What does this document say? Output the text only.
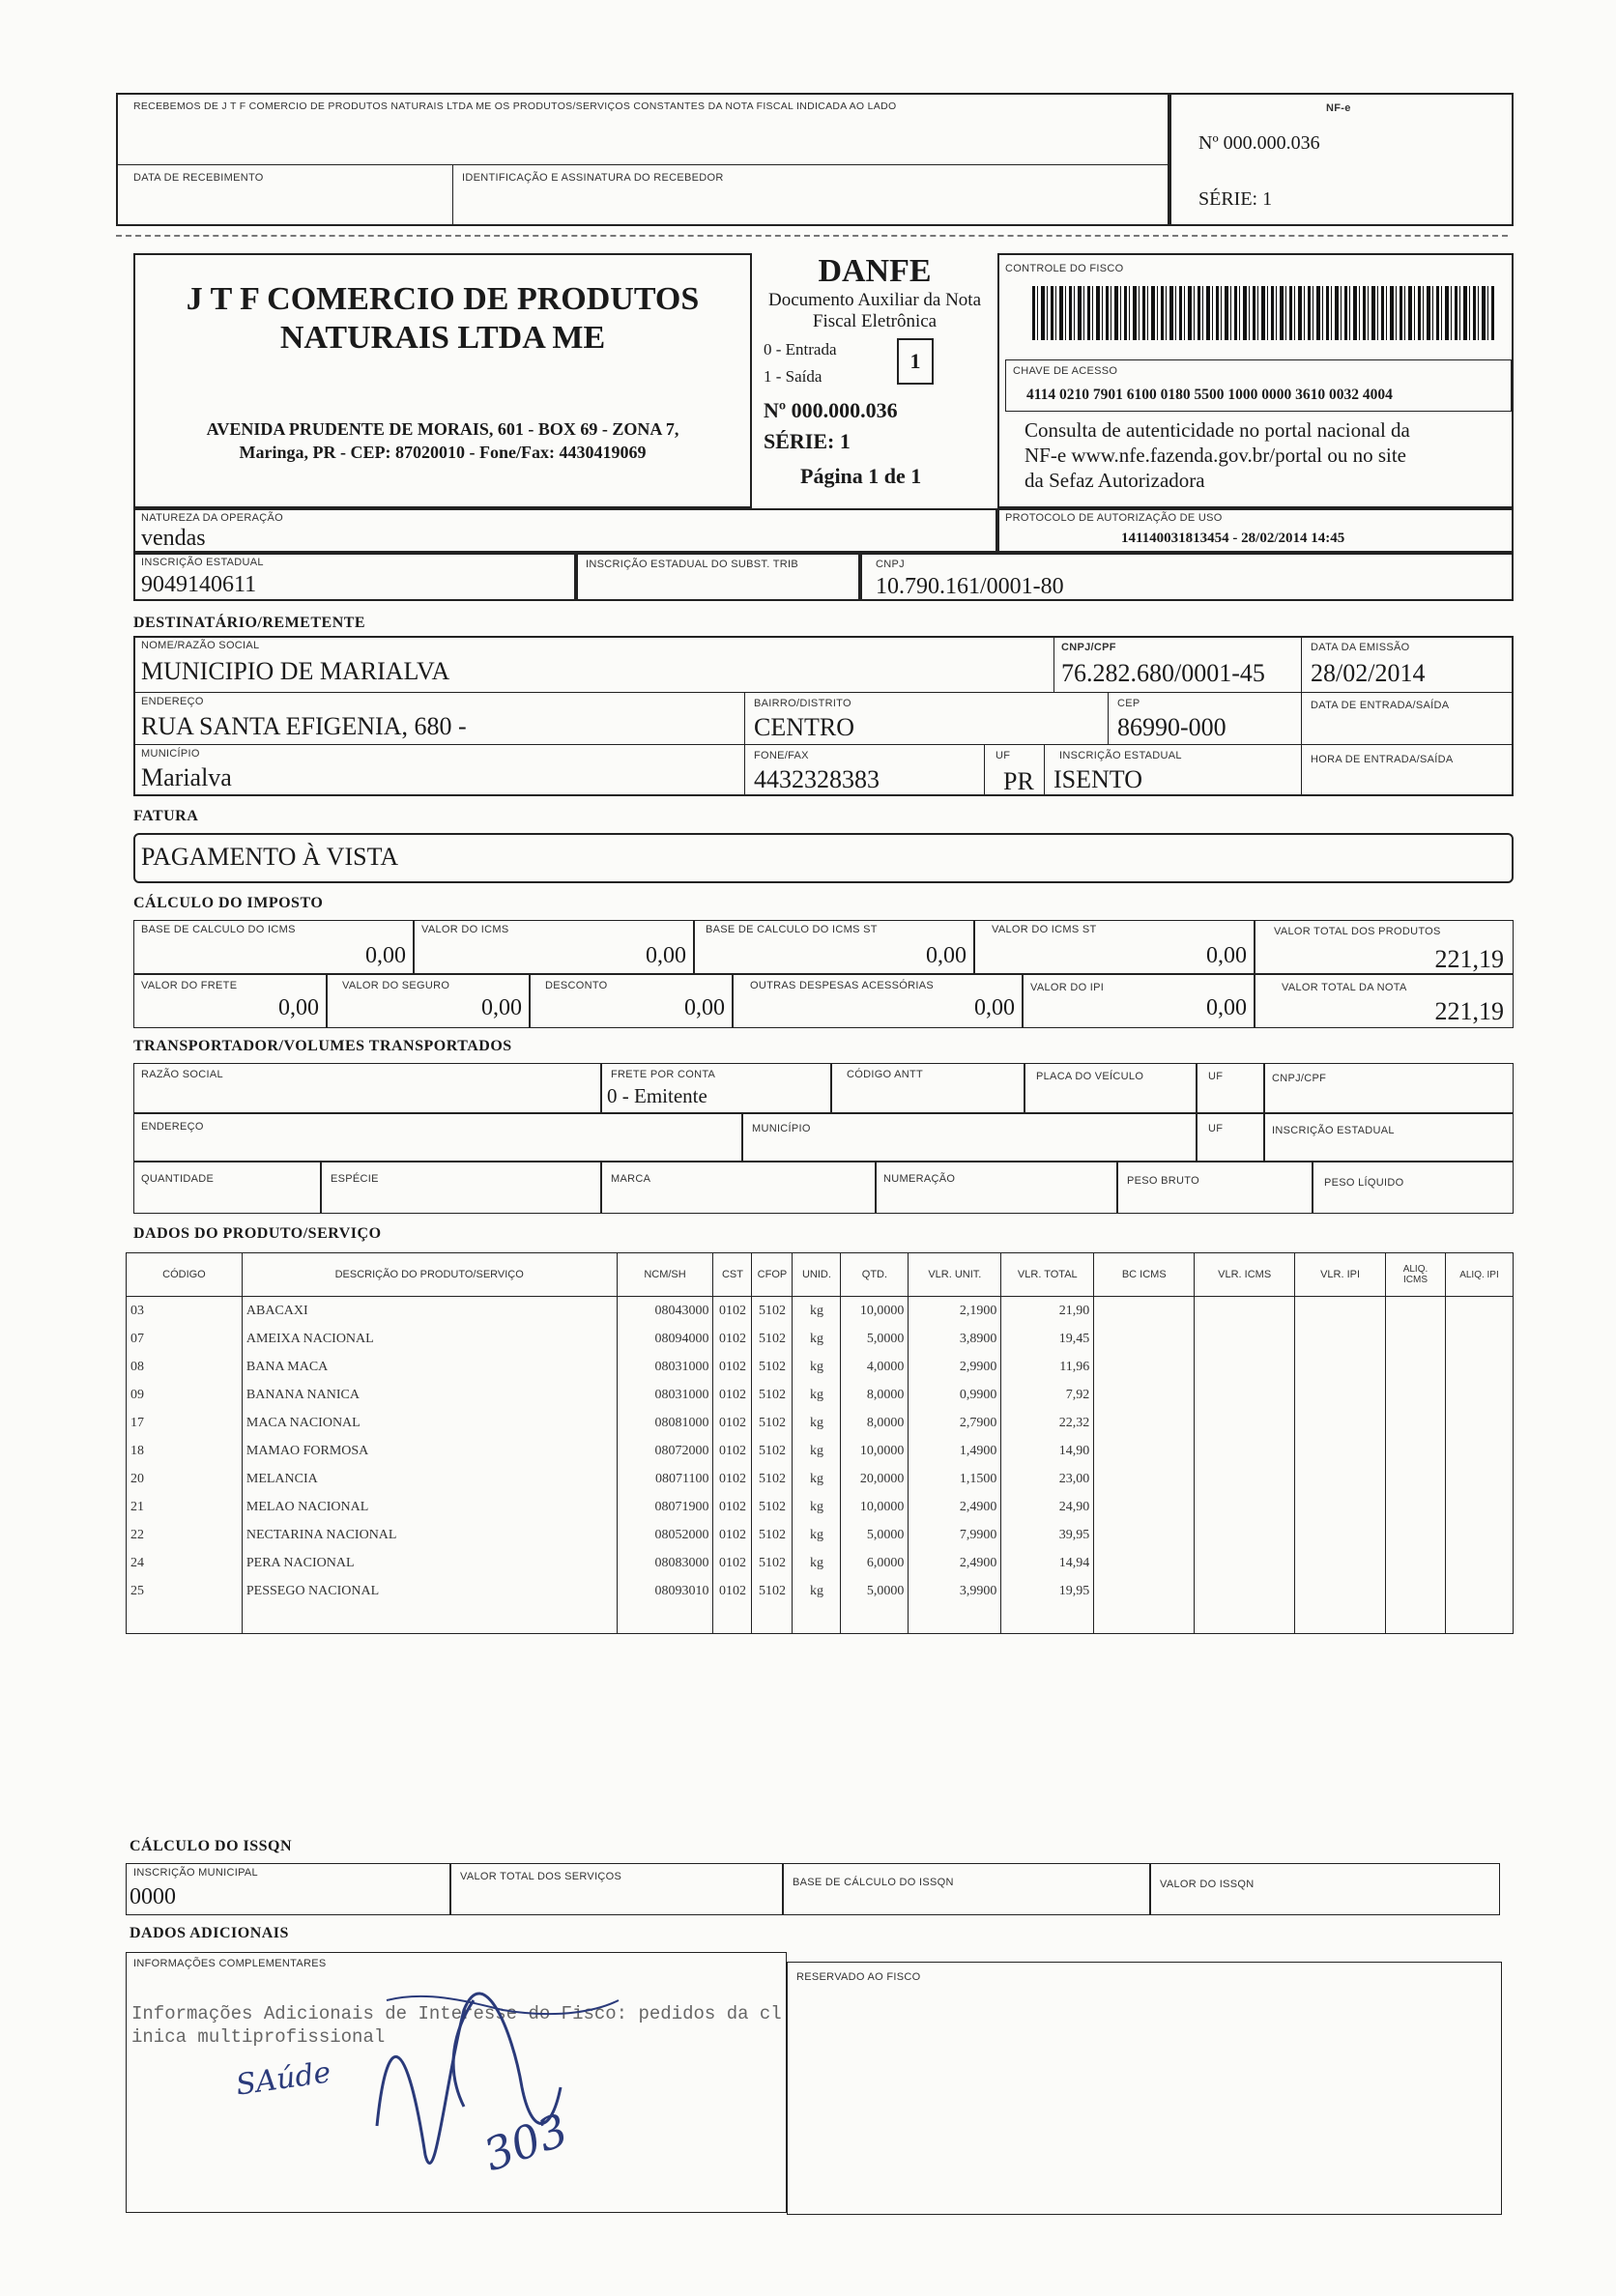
RECEBEMOS DE J T F COMERCIO DE PRODUTOS NATURAIS LTDA ME OS PRODUTOS/SERVIÇOS CONSTANTES DA NOTA FISCAL INDICADA AO LADO
DATA DE RECEBIMENTO	IDENTIFICAÇÃO E ASSINATURA DO RECEBEDOR
NF-e
Nº 000.000.036
SÉRIE: 1
J T F COMERCIO DE PRODUTOS
NATURAIS LTDA ME
AVENIDA PRUDENTE DE MORAIS, 601 - BOX 69 - ZONA 7,
Maringa, PR - CEP: 87020010 - Fone/Fax: 4430419069
DANFE
Documento Auxiliar da Nota
Fiscal Eletrônica
0 - Entrada
1 - Saída
1
Nº 000.000.036
SÉRIE: 1
Página 1 de 1
CONTROLE DO FISCO
CHAVE DE ACESSO
4114 0210 7901 6100 0180 5500 1000 0000 3610 0032 4004
Consulta de autenticidade no portal nacional da
NF-e www.nfe.fazenda.gov.br/portal ou no site
da Sefaz Autorizadora
NATUREZA DA OPERAÇÃO
vendas
PROTOCOLO DE AUTORIZAÇÃO DE USO
141140031813454 - 28/02/2014 14:45
INSCRIÇÃO ESTADUAL
9049140611
INSCRIÇÃO ESTADUAL DO SUBST. TRIB	CNPJ
10.790.161/0001-80
DESTINATÁRIO/REMETENTE
NOME/RAZÃO SOCIAL
MUNICIPIO DE MARIALVA
CNPJ/CPF
76.282.680/0001-45
DATA DA EMISSÃO
28/02/2014
ENDEREÇO
RUA SANTA EFIGENIA, 680 -
BAIRRO/DISTRITO
CENTRO
CEP
86990-000
DATA DE ENTRADA/SAÍDA
MUNICÍPIO
Marialva
FONE/FAX
4432328383
UF
PR
INSCRIÇÃO ESTADUAL
ISENTO
HORA DE ENTRADA/SAÍDA
FATURA
PAGAMENTO À VISTA
CÁLCULO DO IMPOSTO
BASE DE CALCULO DO ICMS
0,00
VALOR DO ICMS
0,00
BASE DE CALCULO DO ICMS ST
0,00
VALOR DO ICMS ST
0,00
VALOR TOTAL DOS PRODUTOS
221,19
VALOR DO FRETE
0,00
VALOR DO SEGURO
0,00
DESCONTO
0,00
OUTRAS DESPESAS ACESSÓRIAS
0,00
VALOR DO IPI
0,00
VALOR TOTAL DA NOTA
221,19
TRANSPORTADOR/VOLUMES TRANSPORTADOS
RAZÃO SOCIAL	FRETE POR CONTA
0 - Emitente
CÓDIGO ANTT	PLACA DO VEÍCULO	UF	CNPJ/CPF
ENDEREÇO	MUNICÍPIO	UF	INSCRIÇÃO ESTADUAL
QUANTIDADE	ESPÉCIE	MARCA	NUMERAÇÃO	PESO BRUTO	PESO LÍQUIDO
DADOS DO PRODUTO/SERVIÇO
CÓDIGO	DESCRIÇÃO DO PRODUTO/SERVIÇO	NCM/SH	CST	CFOP	UNID.	QTD.	VLR. UNIT.	VLR. TOTAL	BC ICMS	VLR. ICMS	VLR. IPI	ALIQ. ICMS	ALIQ. IPI
03	ABACAXI	08043000	0102	5102	kg	10,0000	2,1900	21,90					
07	AMEIXA NACIONAL	08094000	0102	5102	kg	5,0000	3,8900	19,45					
08	BANA MACA	08031000	0102	5102	kg	4,0000	2,9900	11,96					
09	BANANA NANICA	08031000	0102	5102	kg	8,0000	0,9900	7,92					
17	MACA NACIONAL	08081000	0102	5102	kg	8,0000	2,7900	22,32					
18	MAMAO FORMOSA	08072000	0102	5102	kg	10,0000	1,4900	14,90					
20	MELANCIA	08071100	0102	5102	kg	20,0000	1,1500	23,00					
21	MELAO NACIONAL	08071900	0102	5102	kg	10,0000	2,4900	24,90					
22	NECTARINA NACIONAL	08052000	0102	5102	kg	5,0000	7,9900	39,95					
24	PERA NACIONAL	08083000	0102	5102	kg	6,0000	2,4900	14,94					
25	PESSEGO NACIONAL	08093010	0102	5102	kg	5,0000	3,9900	19,95					

CÁLCULO DO ISSQN
INSCRIÇÃO MUNICIPAL
0000
VALOR TOTAL DOS SERVIÇOS	BASE DE CÁLCULO DO ISSQN	VALOR DO ISSQN
DADOS ADICIONAIS
INFORMAÇÕES COMPLEMENTARES
Informações Adicionais de Interesse do Fisco: pedidos da cl
inica multiprofissional
RESERVADO AO FISCO
SAúde
303
